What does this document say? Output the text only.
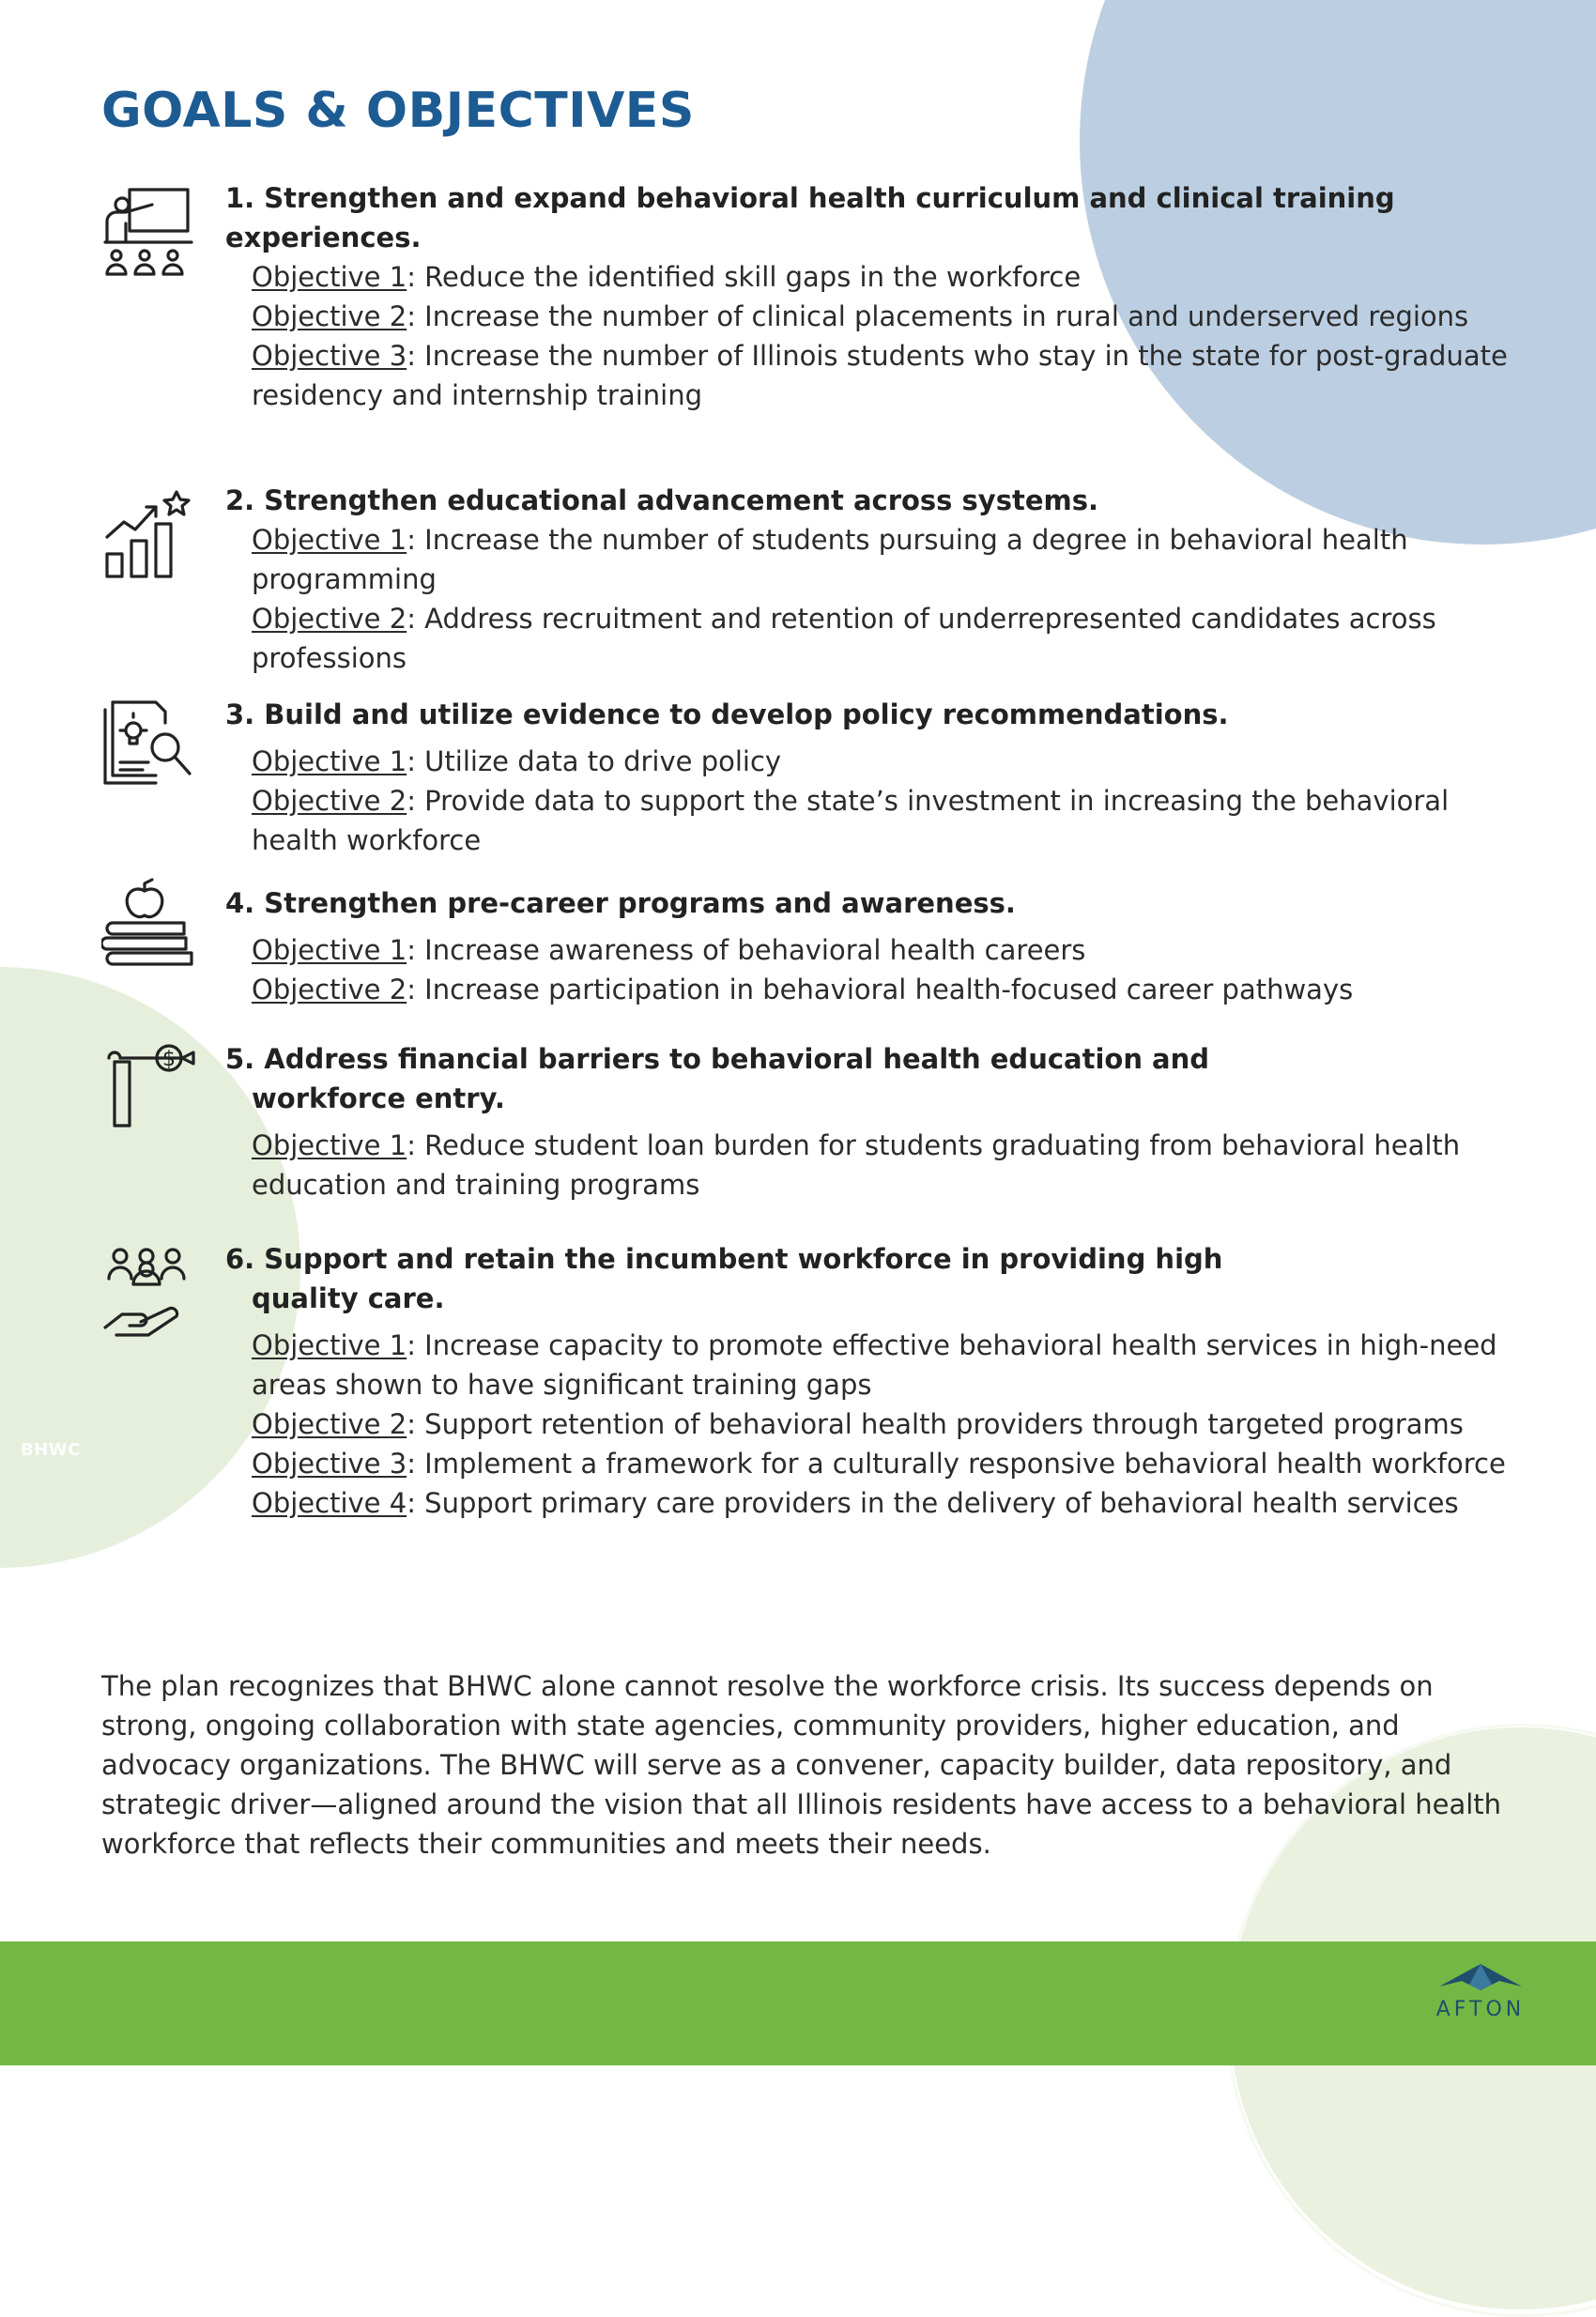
BHWC
GOALS & OBJECTIVES
1. Strengthen and expand behavioral health curriculum and clinical training
experiences.
Objective 1: Reduce the identified skill gaps in the workforce
Objective 2: Increase the number of clinical placements in rural and underserved regions
Objective 3: Increase the number of Illinois students who stay in the state for post-graduate residency and internship training
2. Strengthen educational advancement across systems.
Objective 1: Increase the number of students pursuing a degree in behavioral health programming
Objective 2: Address recruitment and retention of underrepresented candidates across professions
3. Build and utilize evidence to develop policy recommendations.
Objective 1: Utilize data to drive policy
Objective 2: Provide data to support the state’s investment in increasing the behavioral health workforce
4. Strengthen pre-career programs and awareness.
Objective 1: Increase awareness of behavioral health careers
Objective 2: Increase participation in behavioral health-focused career pathways
$ 5. Address financial barriers to behavioral health education and
workforce entry.
Objective 1: Reduce student loan burden for students graduating from behavioral health education and training programs
6. Support and retain the incumbent workforce in providing high
quality care.
Objective 1: Increase capacity to promote effective behavioral health services in high-need areas shown to have significant training gaps
Objective 2: Support retention of behavioral health providers through targeted programs
Objective 3: Implement a framework for a culturally responsive behavioral health workforce
Objective 4: Support primary care providers in the delivery of behavioral health services

The plan recognizes that BHWC alone cannot resolve the workforce crisis. Its success depends on strong, ongoing collaboration with state agencies, community providers, higher education, and advocacy organizations. The BHWC will serve as a convener, capacity builder, data repository, and strategic driver—aligned around the vision that all Illinois residents have access to a behavioral health workforce that reflects their communities and meets their needs.

AFTON
